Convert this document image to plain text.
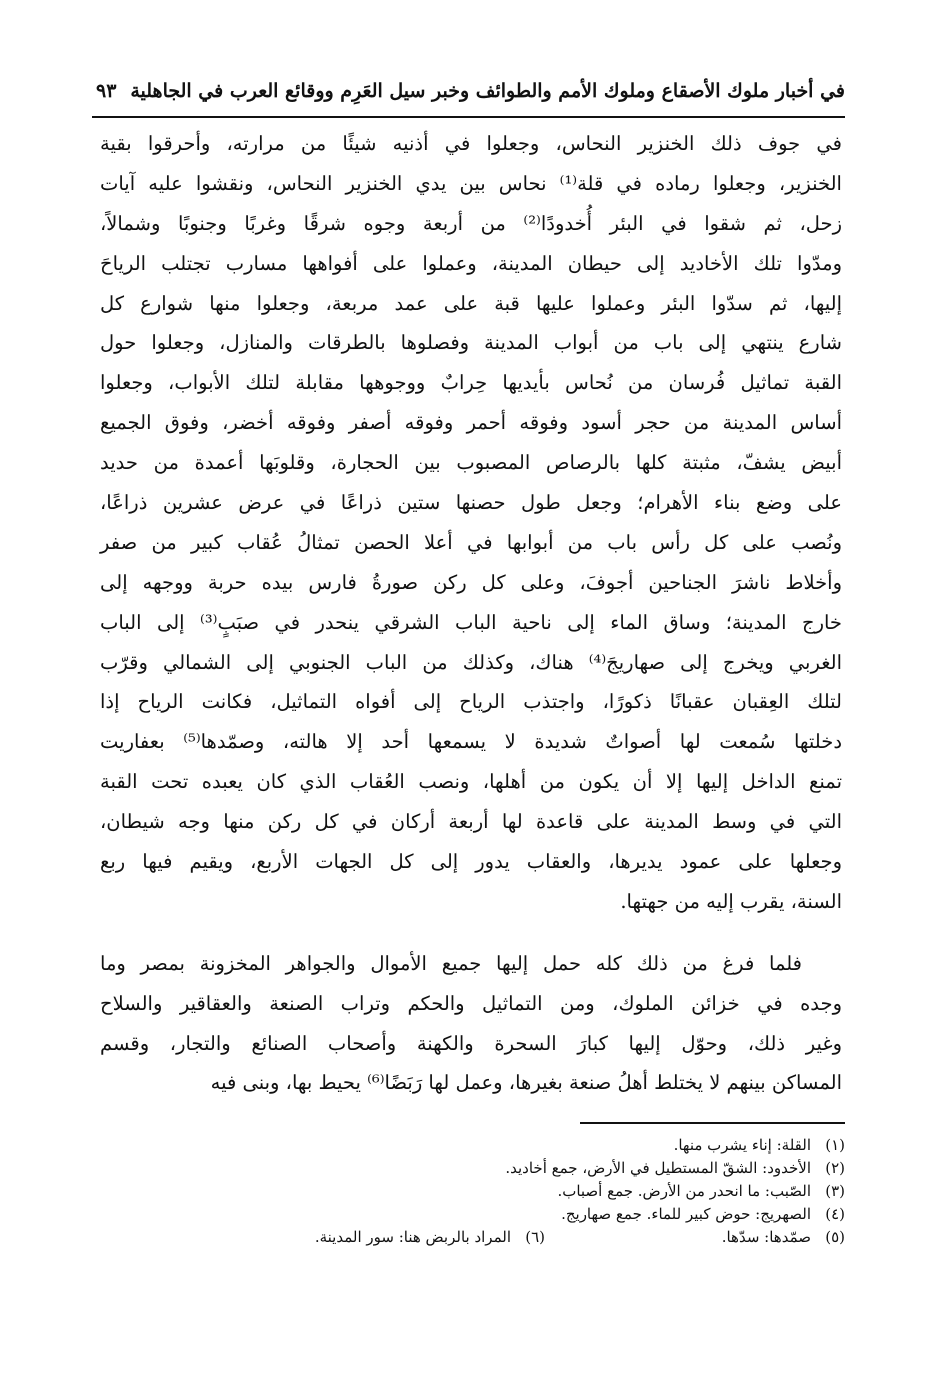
في أخبار ملوك الأصقاع وملوك الأمم والطوائف وخبر سيل العَرِم ووقائع العرب في الجاهلية
٩٣
في جوف ذلك الخنزير النحاس، وجعلوا في أذنيه شيئًا من مرارته، وأحرقوا بقية
الخنزير، وجعلوا رماده في قلة⁽¹⁾ نحاس بين يدي الخنزير النحاس، ونقشوا عليه آيات
زحل، ثم شقوا في البئر أُخدودًا⁽²⁾ من أربعة وجوه شرقًا وغربًا وجنوبًا وشمالاً،
ومدّوا تلك الأخاديد إلى حيطان المدينة، وعملوا على أفواهها مسارب تجتلب الرياحَ
إليها، ثم سدّوا البئر وعملوا عليها قبة على عمد مربعة، وجعلوا منها شوارع كل
شارع ينتهي إلى باب من أبواب المدينة وفصلوها بالطرقات والمنازل، وجعلوا حول
القبة تماثيل فُرسان من نُحاس بأيديها حِرابٌ ووجوهها مقابلة لتلك الأبواب، وجعلوا
أساس المدينة من حجر أسود وفوقه أحمر وفوقه أصفر وفوقه أخضر، وفوق الجميع
أبيض يشفّ، مثبتة كلها بالرصاص المصبوب بين الحجارة، وقلوبَها أعمدة من حديد
على وضع بناء الأهرام؛ وجعل طول حصنها ستين ذراعًا في عرض عشرين ذراعًا،
ونُصب على كل رأس باب من أبوابها في أعلا الحصن تمثالُ عُقاب كبير من صفر
وأخلاط ناشرَ الجناحين أجوفَ، وعلى كل ركن صورةُ فارس بيده حربة ووجهه إلى
خارج المدينة؛ وساق الماء إلى ناحية الباب الشرقي ينحدر في صبَبٍ⁽³⁾ إلى الباب
الغربي ويخرج إلى صهاريجَ⁽⁴⁾ هناك، وكذلك من الباب الجنوبي إلى الشمالي وقرّب
لتلك العِقبان عقبانًا ذكورًا، واجتذب الرياح إلى أفواه التماثيل، فكانت الرياح إذا
دخلتها سُمعت لها أصواتٌ شديدة لا يسمعها أحد إلا هالته، وصمّدها⁽⁵⁾ بعفاريت
تمنع الداخل إليها إلا أن يكون من أهلها، ونصب العُقاب الذي كان يعبده تحت القبة
التي في وسط المدينة على قاعدة لها أربعة أركان في كل ركن منها وجه شيطان،
وجعلها على عمود يديرها، والعقاب يدور إلى كل الجهات الأربع، ويقيم فيها ربع
السنة، يقرب إليه من جهتها.
فلما فرغ من ذلك كله حمل إليها جميع الأموال والجواهر المخزونة بمصر وما
وجده في خزائن الملوك، ومن التماثيل والحكم وتراب الصنعة والعقاقير والسلاح
وغير ذلك، وحوّل إليها كبارَ السحرة والكهنة وأصحاب الصنائع والتجار، وقسم
المساكن بينهم لا يختلط أهلُ صنعة بغيرها، وعمل لها رَبَضًا⁽⁶⁾ يحيط بها، وبنى فيه
(١)القلة: إناء يشرب منها.
(٢)الأخدود: الشقّ المستطيل في الأرض، جمع أخاديد.
(٣)الصّبب: ما انحدر من الأرض. جمع أصباب.
(٤)الصهريج: حوض كبير للماء. جمع صهاريج.
(٥)صمّدها: سدّها.
(٦)المراد بالربض هنا: سور المدينة.
